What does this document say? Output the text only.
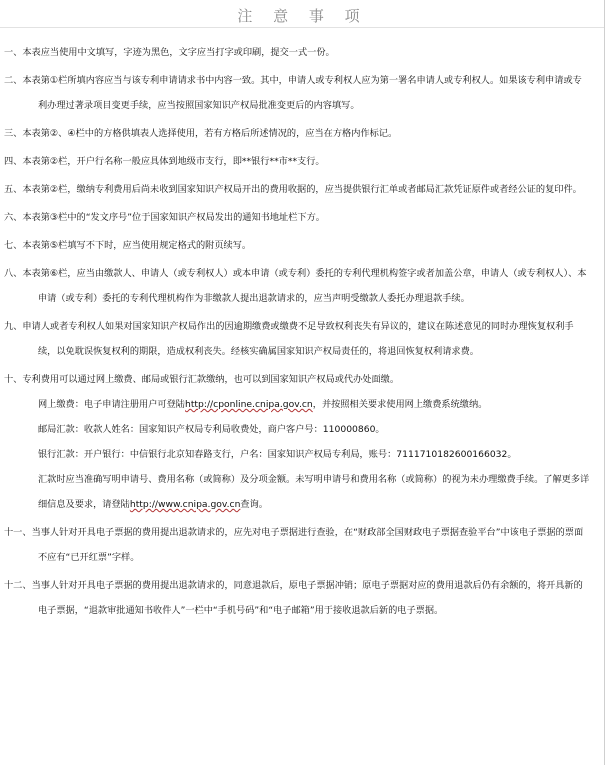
注 意 事 项
一、本表应当使用中文填写，字迹为黑色，文字应当打字或印刷，提交一式一份。
二、本表第①栏所填内容应当与该专利申请请求书中内容一致。其中，申请人或专利权人应为第一署名申请人或专利权人。如果该专利申请或专利办理过著录项目变更手续，应当按照国家知识产权局批准变更后的内容填写。
三、本表第②、④栏中的方格供填表人选择使用，若有方格后所述情况的，应当在方格内作标记。
四、本表第②栏，开户行名称一般应具体到地级市支行，即**银行**市**支行。
五、本表第②栏，缴纳专利费用后尚未收到国家知识产权局开出的费用收据的，应当提供银行汇单或者邮局汇款凭证原件或者经公证的复印件。
六、本表第③栏中的“发文序号”位于国家知识产权局发出的通知书地址栏下方。
七、本表第⑤栏填写不下时，应当使用规定格式的附页续写。
八、本表第⑥栏，应当由缴款人、申请人（或专利权人）或本申请（或专利）委托的专利代理机构签字或者加盖公章，申请人（或专利权人）、本申请（或专利）委托的专利代理机构作为非缴款人提出退款请求的，应当声明受缴款人委托办理退款手续。
九、申请人或者专利权人如果对国家知识产权局作出的因逾期缴费或缴费不足导致权利丧失有异议的，建议在陈述意见的同时办理恢复权利手续，以免耽误恢复权利的期限，造成权利丧失。经核实确属国家知识产权局责任的，将退回恢复权利请求费。
十、专利费用可以通过网上缴费、邮局或银行汇款缴纳，也可以到国家知识产权局或代办处面缴。
网上缴费：电子申请注册用户可登陆http://cponline.cnipa.gov.cn，并按照相关要求使用网上缴费系统缴纳。
邮局汇款：收款人姓名：国家知识产权局专利局收费处，商户客户号：110000860。
银行汇款：开户银行：中信银行北京知春路支行，户名：国家知识产权局专利局，账号：7111710182600166032。
汇款时应当准确写明申请号、费用名称（或简称）及分项金额。未写明申请号和费用名称（或简称）的视为未办理缴费手续。了解更多详细信息及要求，请登陆http://www.cnipa.gov.cn查询。
十一、当事人针对开具电子票据的费用提出退款请求的，应先对电子票据进行查验，在“财政部全国财政电子票据查验平台”中该电子票据的票面不应有“已开红票”字样。
十二、当事人针对开具电子票据的费用提出退款请求的，同意退款后，原电子票据冲销；原电子票据对应的费用退款后仍有余额的，将开具新的电子票据，“退款审批通知书收件人”一栏中“手机号码”和“电子邮箱”用于接收退款后新的电子票据。
